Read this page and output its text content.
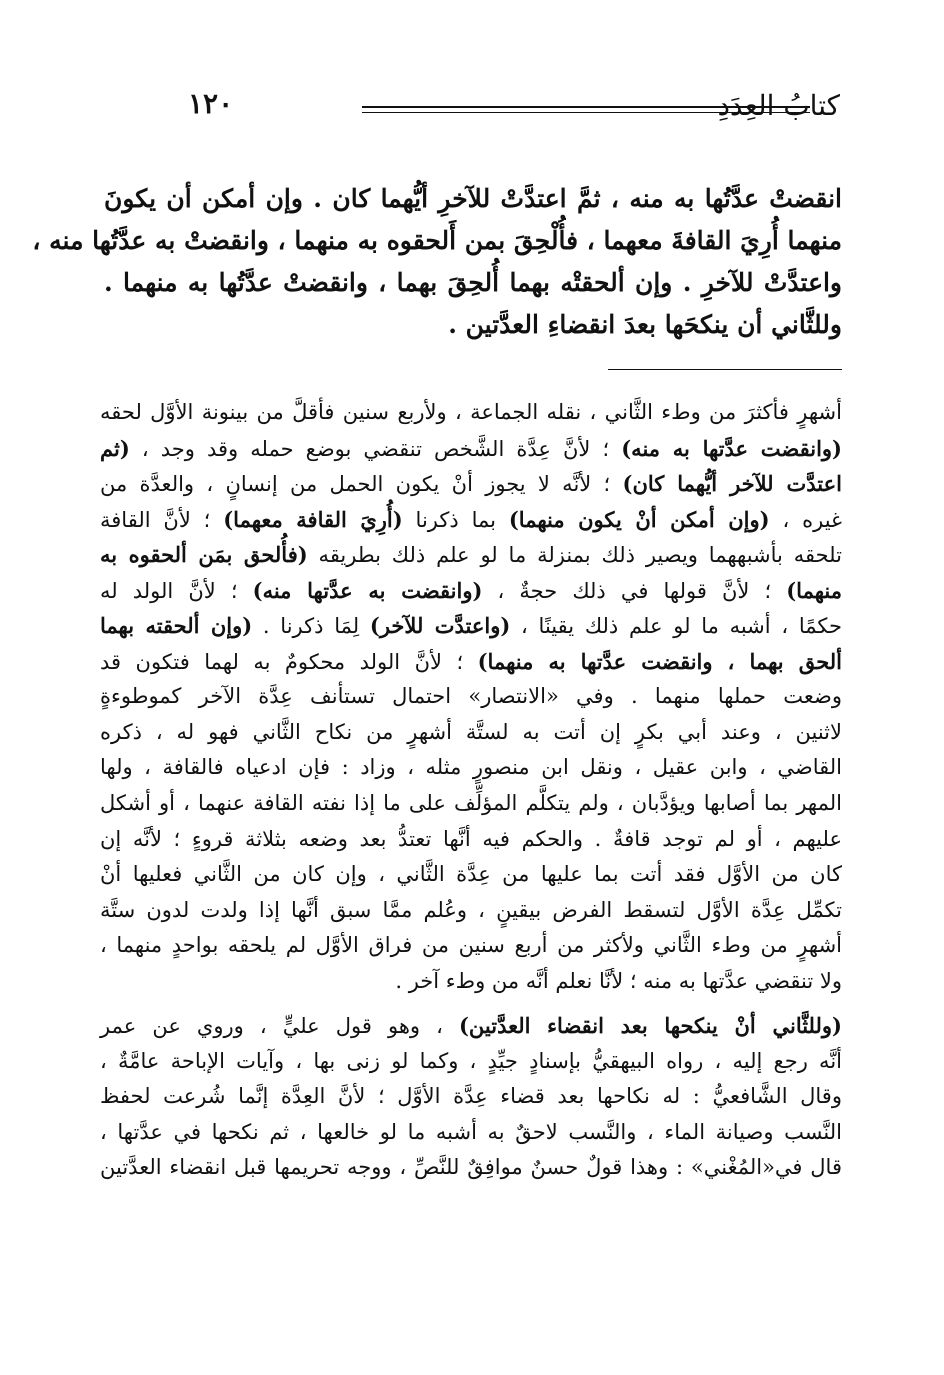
١٢٠	كتابُ العِدَدِ
انقضتْ عدَّتُها به منه ، ثمَّ اعتدَّتْ للآخرِ أيُّهما كان . وإن أمكن أن يكونَ
منهما أُرِيَ القافةَ معهما ، فأُلْحِقَ بمن أَلحقوه به منهما ، وانقضتْ به عدَّتُها منه ،
واعتدَّتْ للآخرِ . وإن ألحقتْه بهما أُلحِقَ بهما ، وانقضتْ عدَّتُها به منهما .
وللثَّاني أن ينكحَها بعدَ انقضاءِ العدَّتين .
أشهرٍ فأكثرَ من وطء الثَّاني ، نقله الجماعة ، ولأربع سنين فأقلَّ من بينونة الأوَّل لحقه
(وانقضت عدَّتها به منه) ؛ لأنَّ عِدَّة الشَّخص تنقضي بوضع حمله وقد وجد ، (ثم
اعتدَّت للآخر أيُّهما كان) ؛ لأنَّه لا يجوز أنْ يكون الحمل من إنسانٍ ، والعدَّة من
غيره ، (وإن أمكن أنْ يكون منهما) بما ذكرنا (أُرِيَ القافة معهما) ؛ لأنَّ القافة
تلحقه بأشبههما ويصير ذلك بمنزلة ما لو علم ذلك بطريقه (فأُلحق بمَن ألحقوه به
منهما) ؛ لأنَّ قولها في ذلك حجةٌ ، (وانقضت به عدَّتها منه) ؛ لأنَّ الولد له
حكمًا ، أشبه ما لو علم ذلك يقينًا ، (واعتدَّت للآخر) لِمَا ذكرنا . (وإن ألحقته بهما
ألحق بهما ، وانقضت عدَّتها به منهما) ؛ لأنَّ الولد محكومٌ به لهما فتكون قد
وضعت حملها منهما . وفي «الانتصار» احتمال تستأنف عِدَّة الآخر كموطوءةٍ
لاثنين ، وعند أبي بكرٍ إن أتت به لستَّة أشهرٍ من نكاح الثَّاني فهو له ، ذكره
القاضي ، وابن عقيل ، ونقل ابن منصورٍ مثله ، وزاد : فإن ادعياه فالقافة ، ولها
المهر بما أصابها ويؤدَّبان ، ولم يتكلَّم المؤلِّف على ما إذا نفته القافة عنهما ، أو أشكل
عليهم ، أو لم توجد قافةٌ . والحكم فيه أنَّها تعتدُّ بعد وضعه بثلاثة قروءٍ ؛ لأنَّه إن
كان من الأوَّل فقد أتت بما عليها من عِدَّة الثَّاني ، وإن كان من الثَّاني فعليها أنْ
تكمِّل عِدَّة الأوَّل لتسقط الفرض بيقينٍ ، وعُلم ممَّا سبق أنَّها إذا ولدت لدون ستَّة
أشهرٍ من وطء الثَّاني ولأكثر من أربع سنين من فراق الأوَّل لم يلحقه بواحدٍ منهما ،
ولا تنقضي عدَّتها به منه ؛ لأنَّا نعلم أنَّه من وطء آخر .
(وللثَّاني أنْ ينكحها بعد انقضاء العدَّتين) ، وهو قول عليٍّ ، وروي عن عمر
أنَّه رجع إليه ، رواه البيهقيُّ بإسنادٍ جيِّدٍ ، وكما لو زنى بها ، وآيات الإباحة عامَّةٌ ،
وقال الشَّافعيُّ : له نكاحها بعد قضاء عِدَّة الأوَّل ؛ لأنَّ العِدَّة إنَّما شُرعت لحفظ
النَّسب وصيانة الماء ، والنَّسب لاحقٌ به أشبه ما لو خالعها ، ثم نكحها في عدَّتها ،
قال في«المُغْني» : وهذا قولٌ حسنٌ موافِقٌ للنَّصِّ ، ووجه تحريمها قبل انقضاء العدَّتين
